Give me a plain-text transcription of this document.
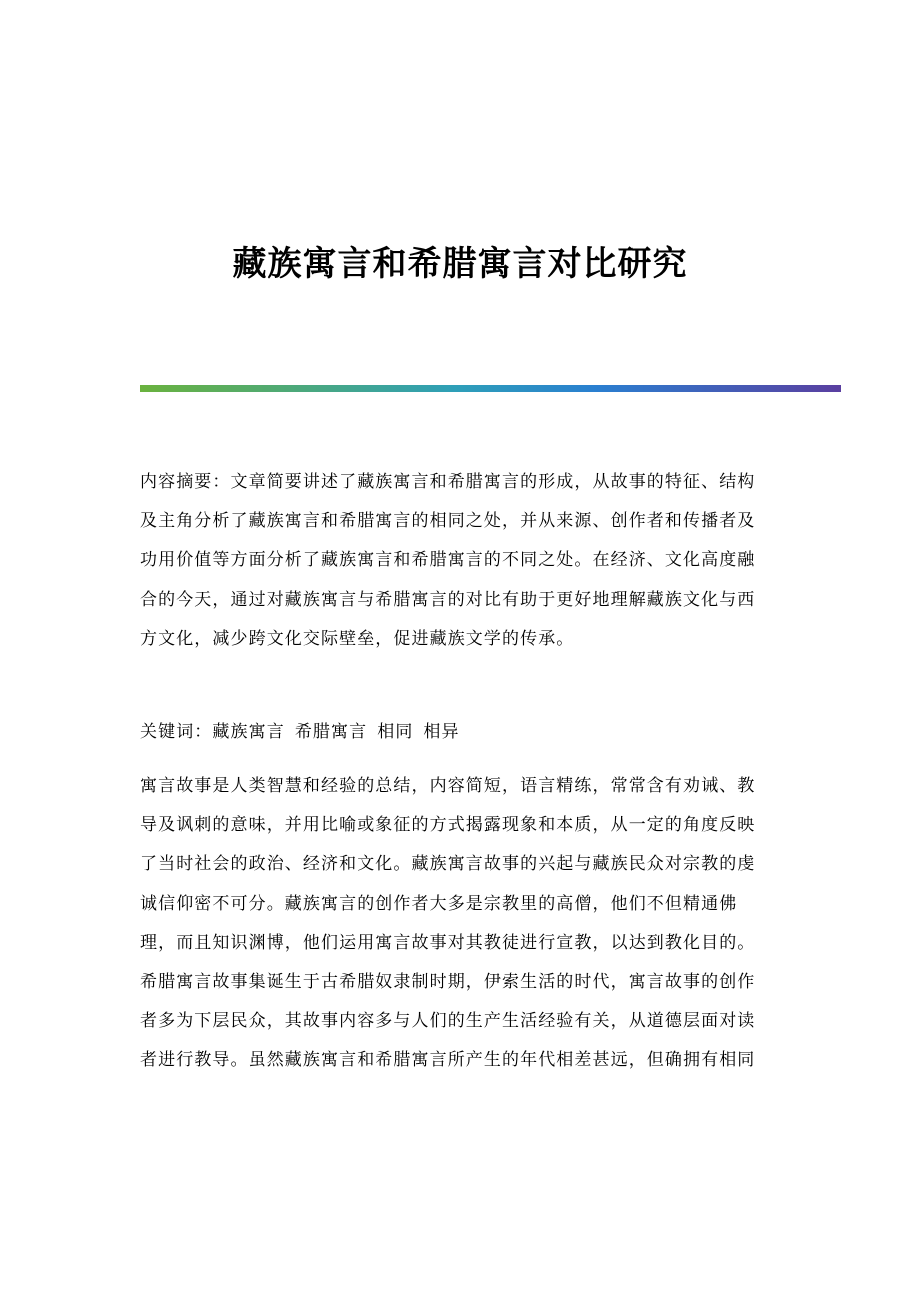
藏族寓言和希腊寓言对比研究
内容摘要：文章简要讲述了藏族寓言和希腊寓言的形成，从故事的特征、结构
及主角分析了藏族寓言和希腊寓言的相同之处，并从来源、创作者和传播者及
功用价值等方面分析了藏族寓言和希腊寓言的不同之处。在经济、文化高度融
合的今天，通过对藏族寓言与希腊寓言的对比有助于更好地理解藏族文化与西
方文化，减少跨文化交际壁垒，促进藏族文学的传承。
关键词：藏族寓言 希腊寓言 相同 相异
寓言故事是人类智慧和经验的总结，内容简短，语言精练，常常含有劝诫、教
导及讽刺的意味，并用比喻或象征的方式揭露现象和本质，从一定的角度反映
了当时社会的政治、经济和文化。藏族寓言故事的兴起与藏族民众对宗教的虔
诚信仰密不可分。藏族寓言的创作者大多是宗教里的高僧，他们不但精通佛
理，而且知识渊博，他们运用寓言故事对其教徒进行宣教，以达到教化目的。
希腊寓言故事集诞生于古希腊奴隶制时期，伊索生活的时代，寓言故事的创作
者多为下层民众，其故事内容多与人们的生产生活经验有关，从道德层面对读
者进行教导。虽然藏族寓言和希腊寓言所产生的年代相差甚远，但确拥有相同
